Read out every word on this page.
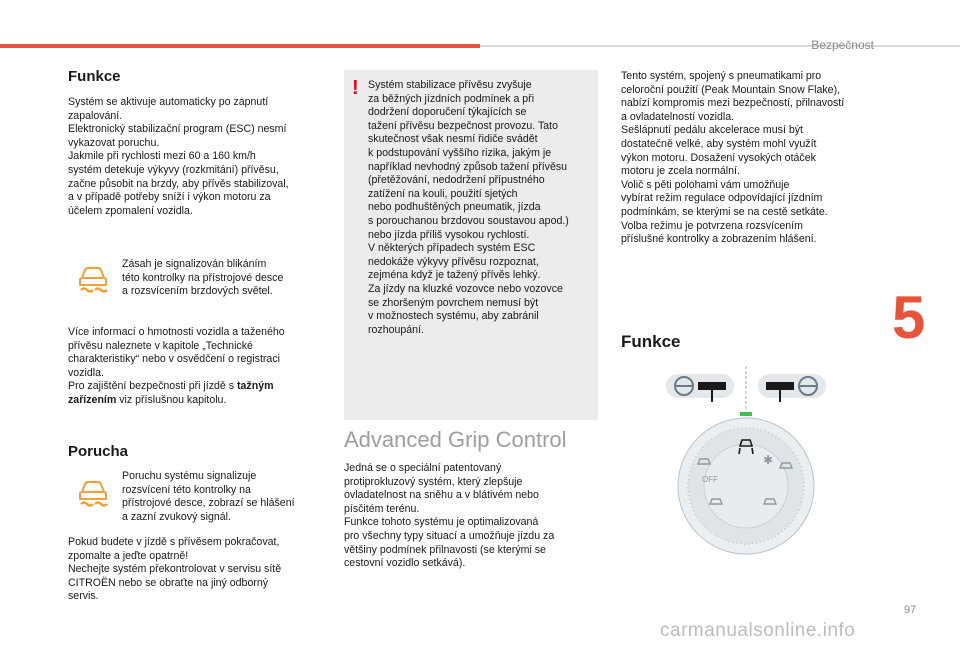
Bezpečnost
Funkce
Systém se aktivuje automaticky po zapnutí
zapalování.
Elektronický stabilizační program (ESC) nesmí
vykazovat poruchu.
Jakmile při rychlosti mezi 60 a 160 km/h
systém detekuje výkyvy (rozkmitání) přívěsu,
začne působit na brzdy, aby přívěs stabilizoval,
a v případě potřeby sníží i výkon motoru za
účelem zpomalení vozidla.
Zásah je signalizován blikáním
této kontrolky na přístrojové desce
a rozsvícením brzdových světel.
Více informací o hmotnosti vozidla a taženého
přívěsu naleznete v kapitole „Technické
charakteristiky“ nebo v osvědčení o registraci
vozidla.
Pro zajištění bezpečnosti při jízdě s tažným
zařízením viz příslušnou kapitolu.
Porucha
Poruchu systému signalizuje
rozsvícení této kontrolky na
přístrojové desce, zobrazí se hlášení
a zazní zvukový signál.
Pokud budete v jízdě s přívěsem pokračovat,
zpomalte a jeďte opatrně!
Nechejte systém překontrolovat v servisu sítě
CITROËN nebo se obraťte na jiný odborný
servis.
! Systém stabilizace přívěsu zvyšuje
za běžných jízdních podmínek a při
dodržení doporučení týkajících se
tažení přívěsu bezpečnost provozu. Tato
skutečnost však nesmí řidiče svádět
k podstupování vyššího rizika, jakým je
například nevhodný způsob tažení přívěsu
(přetěžování, nedodržení přípustného
zatížení na kouli, použití sjetých
nebo podhuštěných pneumatik, jízda
s porouchanou brzdovou soustavou apod.)
nebo jízda příliš vysokou rychlostí.
V některých případech systém ESC
nedokáže výkyvy přívěsu rozpoznat,
zejména když je tažený přívěs lehký.
Za jízdy na kluzké vozovce nebo vozovce
se zhoršeným povrchem nemusí být
v možnostech systému, aby zabránil
rozhoupání.
Advanced Grip Control
Jedná se o speciální patentovaný
protiprokluzový systém, který zlepšuje
ovladatelnost na sněhu a v blátivém nebo
písčitém terénu.
Funkce tohoto systému je optimalizovaná
pro všechny typy situací a umožňuje jízdu za
většiny podmínek přilnavosti (se kterými se
cestovní vozidlo setkává).
Tento systém, spojený s pneumatikami pro
celoroční použití (Peak Mountain Snow Flake),
nabízí kompromis mezi bezpečností, přilnavostí
a ovladatelností vozidla.
Sešlápnutí pedálu akcelerace musí být
dostatečně velké, aby systém mohl využít
výkon motoru. Dosažení vysokých otáček
motoru je zcela normální.
Volič s pěti polohami vám umožňuje
vybírat režim regulace odpovídající jízdním
podmínkám, se kterými se na cestě setkáte.
Volba režimu je potvrzena rozsvícením
příslušné kontrolky a zobrazením hlášení.
Funkce
OFF
✱
5
97
carmanualsonline.info
